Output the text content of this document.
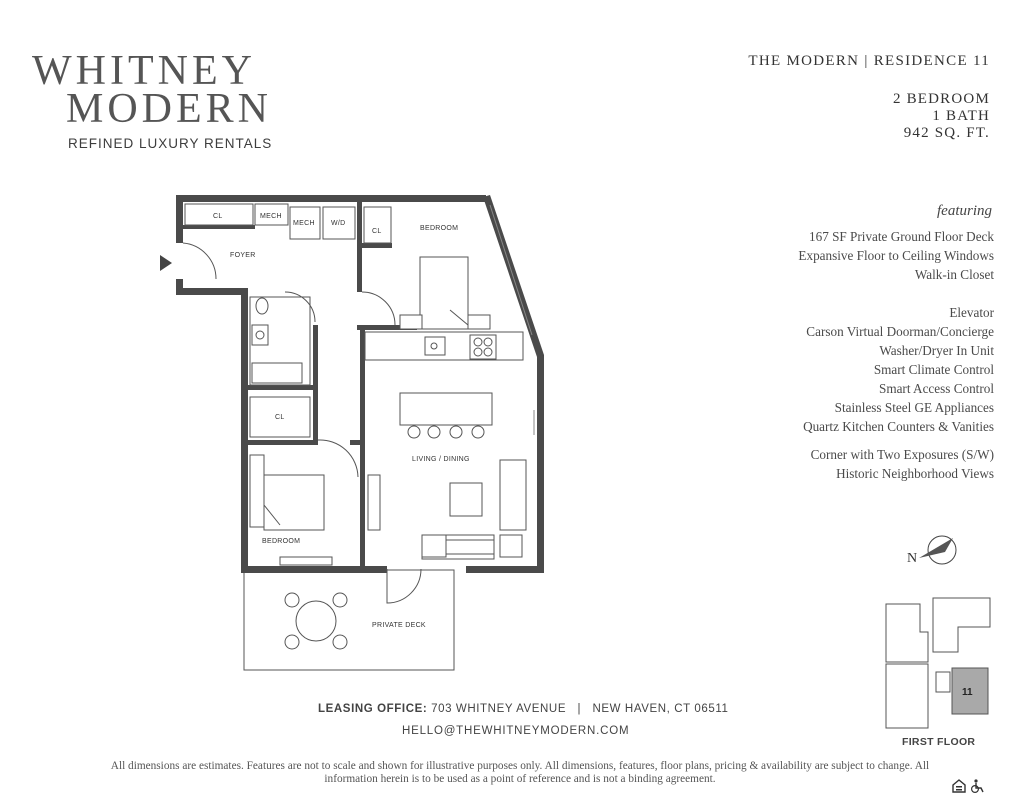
WHITNEY
MODERN
REFINED LUXURY RENTALS
THE MODERN | RESIDENCE 11
2 BEDROOM
1 BATH
942 SQ. FT.
featuring
167 SF Private Ground Floor Deck
Expansive Floor to Ceiling Windows
Walk-in Closet
Elevator
Carson Virtual Doorman/Concierge
Washer/Dryer In Unit
Smart Climate Control
Smart Access Control
Stainless Steel GE Appliances
Quartz Kitchen Counters & Vanities
Corner with Two Exposures (S/W)
Historic Neighborhood Views
CL	MECH
MECH W/D
CL	BEDROOM
FOYER
CL
LIVING / DINING
BEDROOM
PRIVATE DECK
N
11
FIRST FLOOR
LEASING OFFICE: 703 WHITNEY AVENUE | NEW HAVEN, CT 06511
HELLO@THEWHITNEYMODERN.COM
All dimensions are estimates. Features are not to scale and shown for illustrative purposes only. All dimensions, features, floor plans, pricing & availability are subject to change. All information herein is to be used as a point of reference and is not a binding agreement.
